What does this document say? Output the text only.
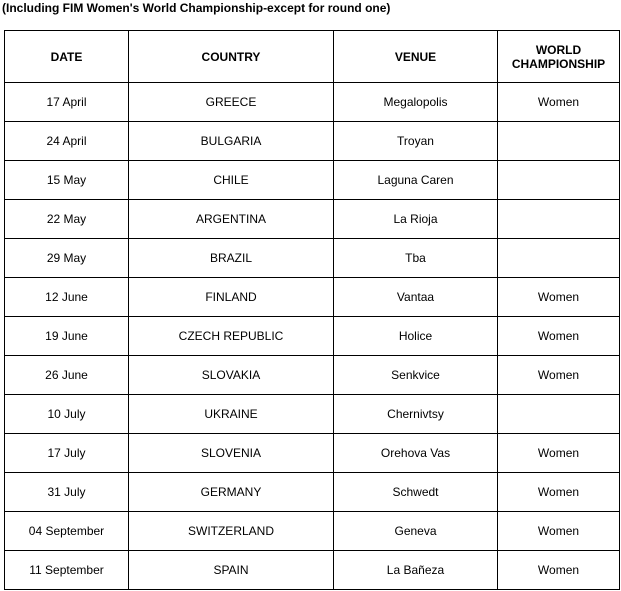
(Including FIM Women's World Championship-except for round one)
DATE	COUNTRY	VENUE	WORLD
CHAMPIONSHIP
17 April	GREECE	Megalopolis	Women
24 April	BULGARIA	Troyan	
15 May	CHILE	Laguna Caren	
22 May	ARGENTINA	La Rioja	
29 May	BRAZIL	Tba	
12 June	FINLAND	Vantaa	Women
19 June	CZECH REPUBLIC	Holice	Women
26 June	SLOVAKIA	Senkvice	Women
10 July	UKRAINE	Chernivtsy	
17 July	SLOVENIA	Orehova Vas	Women
31 July	GERMANY	Schwedt	Women
04 September	SWITZERLAND	Geneva	Women
11 September	SPAIN	La Bañeza	Women
